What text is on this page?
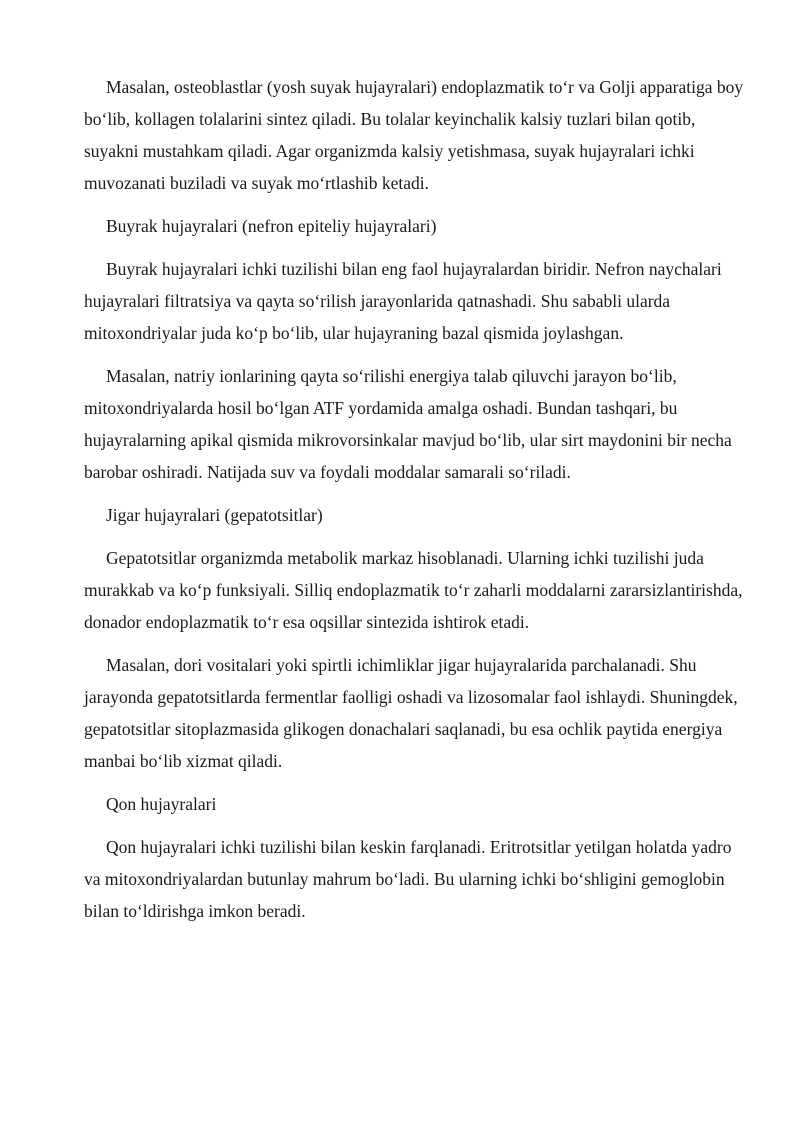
Masalan, osteoblastlar (yosh suyak hujayralari) endoplazmatik to‘r va Golji apparatiga boy bo‘lib, kollagen tolalarini sintez qiladi. Bu tolalar keyinchalik kalsiy tuzlari bilan qotib, suyakni mustahkam qiladi. Agar organizmda kalsiy yetishmasa, suyak hujayralari ichki muvozanati buziladi va suyak mo‘rtlashib ketadi.

Buyrak hujayralari (nefron epiteliy hujayralari)

Buyrak hujayralari ichki tuzilishi bilan eng faol hujayralardan biridir. Nefron naychalari hujayralari filtratsiya va qayta so‘rilish jarayonlarida qatnashadi. Shu sababli ularda mitoxondriyalar juda ko‘p bo‘lib, ular hujayraning bazal qismida joylashgan.

Masalan, natriy ionlarining qayta so‘rilishi energiya talab qiluvchi jarayon bo‘lib, mitoxondriyalarda hosil bo‘lgan ATF yordamida amalga oshadi. Bundan tashqari, bu hujayralarning apikal qismida mikrovorsinkalar mavjud bo‘lib, ular sirt maydonini bir necha barobar oshiradi. Natijada suv va foydali moddalar samarali so‘riladi.

Jigar hujayralari (gepatotsitlar)

Gepatotsitlar organizmda metabolik markaz hisoblanadi. Ularning ichki tuzilishi juda murakkab va ko‘p funksiyali. Silliq endoplazmatik to‘r zaharli moddalarni zararsizlantirishda, donador endoplazmatik to‘r esa oqsillar sintezida ishtirok etadi.

Masalan, dori vositalari yoki spirtli ichimliklar jigar hujayralarida parchalanadi. Shu jarayonda gepatotsitlarda fermentlar faolligi oshadi va lizosomalar faol ishlaydi. Shuningdek, gepatotsitlar sitoplazmasida glikogen donachalari saqlanadi, bu esa ochlik paytida energiya manbai bo‘lib xizmat qiladi.

Qon hujayralari

Qon hujayralari ichki tuzilishi bilan keskin farqlanadi. Eritrotsitlar yetilgan holatda yadro va mitoxondriyalardan butunlay mahrum bo‘ladi. Bu ularning ichki bo‘shligini gemoglobin bilan to‘ldirishga imkon beradi.
